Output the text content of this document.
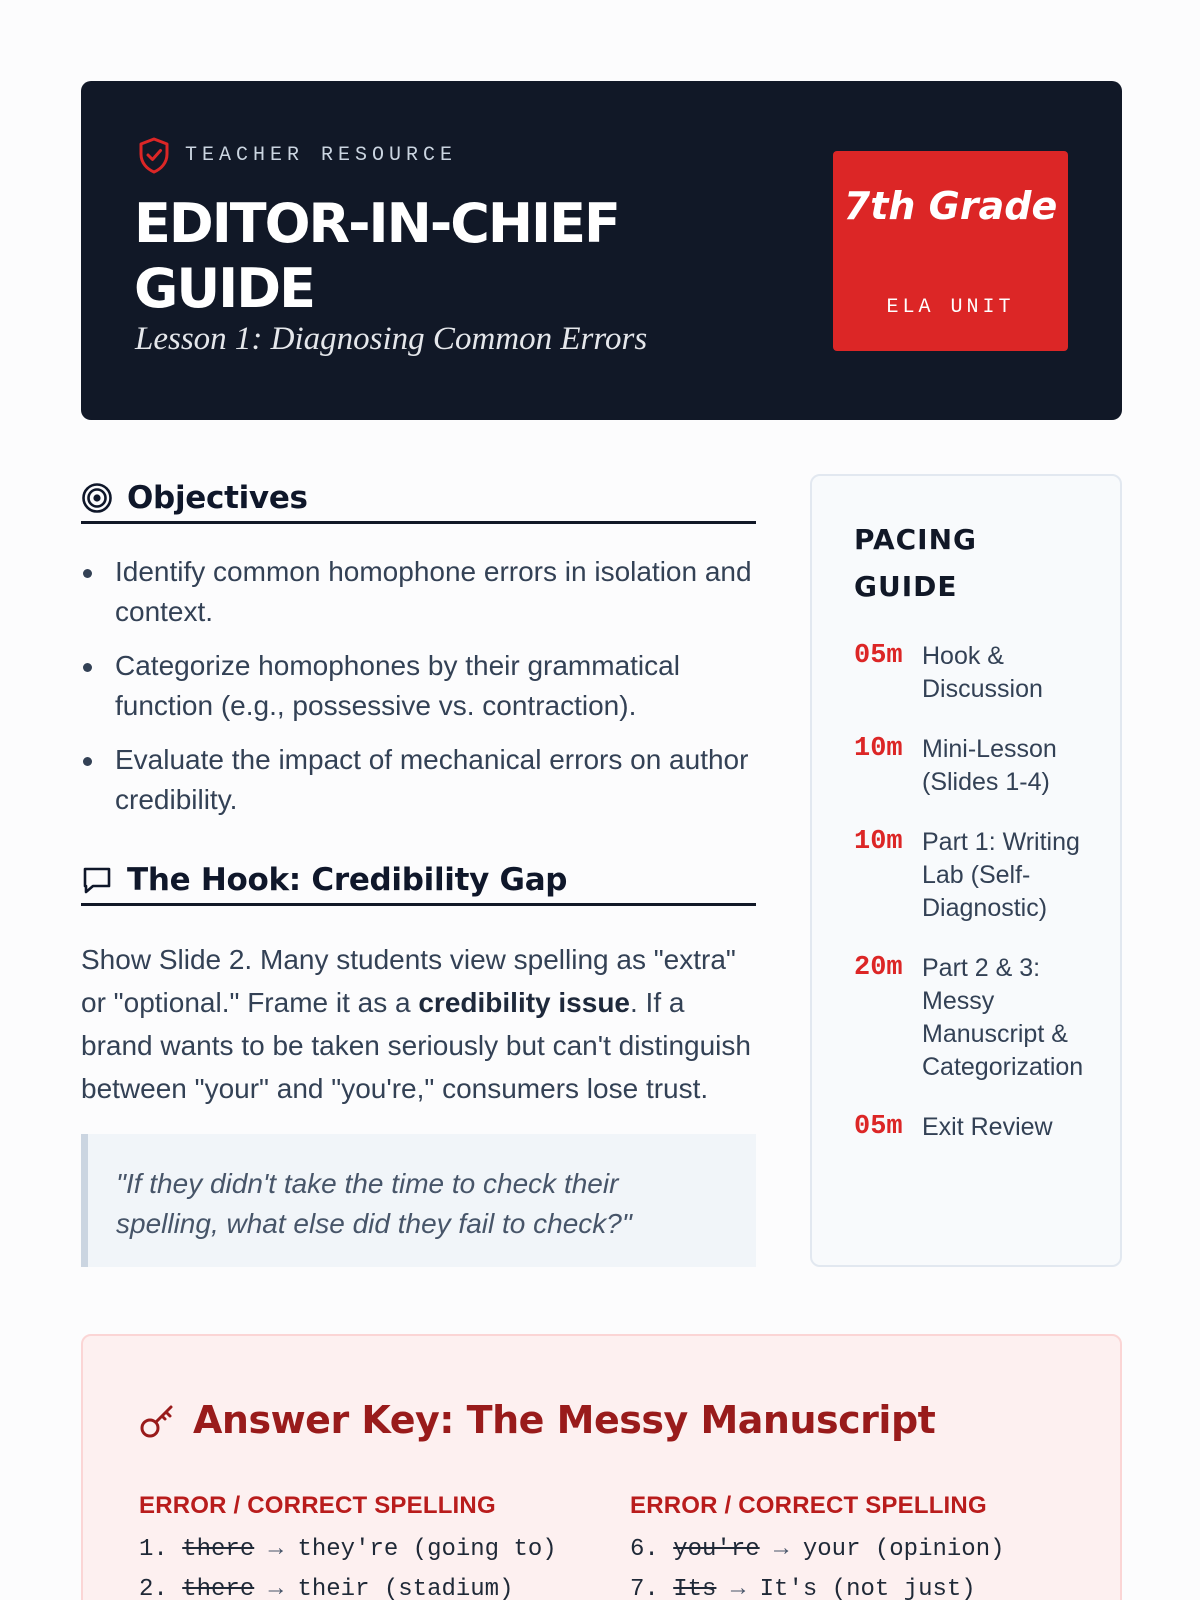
TEACHER RESOURCE
EDITOR-IN-CHIEF GUIDE
Lesson 1: Diagnosing Common Errors
7th Grade
ELA UNIT
Objectives
Identify common homophone errors in isolation and context.
Categorize homophones by their grammatical function (e.g., possessive vs. contraction).
Evaluate the impact of mechanical errors on author credibility.
The Hook: Credibility Gap

Show Slide 2. Many students view spelling as "extra" or "optional." Frame it as a credibility issue. If a brand wants to be taken seriously but can't distinguish between "your" and "you're," consumers lose trust.

"If they didn't take the time to check their spelling, what else did they fail to check?"
PACING GUIDE
05m Hook & Discussion
10m Mini-Lesson (Slides 1-4)
10m Part 1: Writing Lab (Self-Diagnostic)
20m Part 2 & 3: Messy Manuscript & Categorization
05m Exit Review
Answer Key: The Messy Manuscript
ERROR / CORRECT SPELLING	ERROR / CORRECT SPELLING
1. there → they're (going to)
2. there → their (stadium)
6. you're → your (opinion)
7. Its → It's (not just)
